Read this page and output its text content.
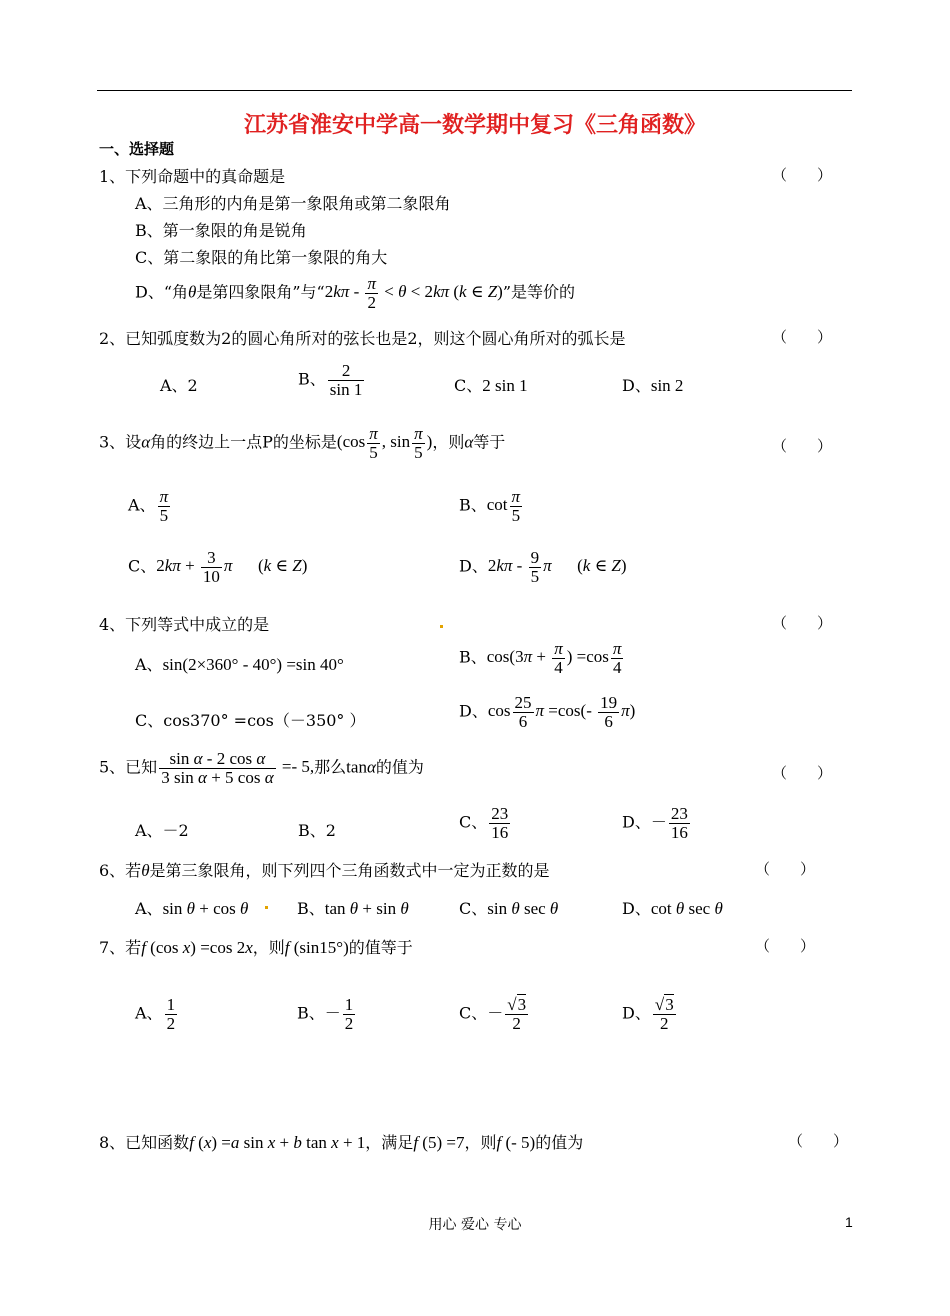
江苏省淮安中学高一数学期中复习《三角函数》
一、选择题
1、下列命题中的真命题是	（　　）
A、三角形的内角是第一象限角或第二象限角
B、第一象限的角是锐角
C、第二象限的角比第一象限的角大
D、“角θ是第四象限角”与“$2k\pi - \frac{\pi}{2} < \theta < 2k\pi$ (k ∈ Z)”是等价的
2、已知弧度数为2的圆心角所对的弦长也是2，则这个圆心角所对的弧长是	（　　）
A、2	B、 $\frac{2}{\sin 1}$	C、2 sin 1	D、sin 2
3、设α角的终边上一点P的坐标是($\cos \frac{\pi}{5}$ , $\sin \frac{\pi}{5}$ )，则α等于	（　　）
A、 $\frac{\pi}{5}$	B、$\cot \frac{\pi}{5}$
C、$2k\pi + \frac{3}{10}$ π      (k ∈ Z)	D、$2k\pi - \frac{9}{5}$ π      (k ∈ Z)
4、下列等式中成立的是	（　　）
A、sin(2×360° - 40°) =sin 40°	B、$\cos(3\pi + \frac{\pi}{4}$ ) $=\cos \frac{\pi}{4}$
C、cos370° =cos（－350° ）
D、$\cos \frac{25}{6}$ $\pi =\cos(- \frac{19}{6} \pi)$
5、已知 $\frac{\text{sin α - 2 cos α}}{\text{3 sin α + 5 cos α}} =- 5$,那么tanα的值为	（　　）
A、－2	B、2	C、 $\frac{23}{16}$	D、－ $\frac{23}{16}$
6、若θ是第三象限角，则下列四个三角函数式中一定为正数的是	（　　）
A、sin θ + cos θ	B、tan θ + sin θ	C、sin θ sec θ	D、cot θ sec θ
7、若f (cos x) =cos 2x，则f (sin15°)的值等于	（　　）
A、 $\frac{1}{2}$	B、－ $\frac{1}{2}$	C、－ $\frac{√3}{2}$	D、 $\frac{√3}{2}$
8、已知函数f (x) =a sin x + b tan x + 1，满足f (5) =7，则f (- 5)的值为	（　　）
用心 爱心 专心	1
